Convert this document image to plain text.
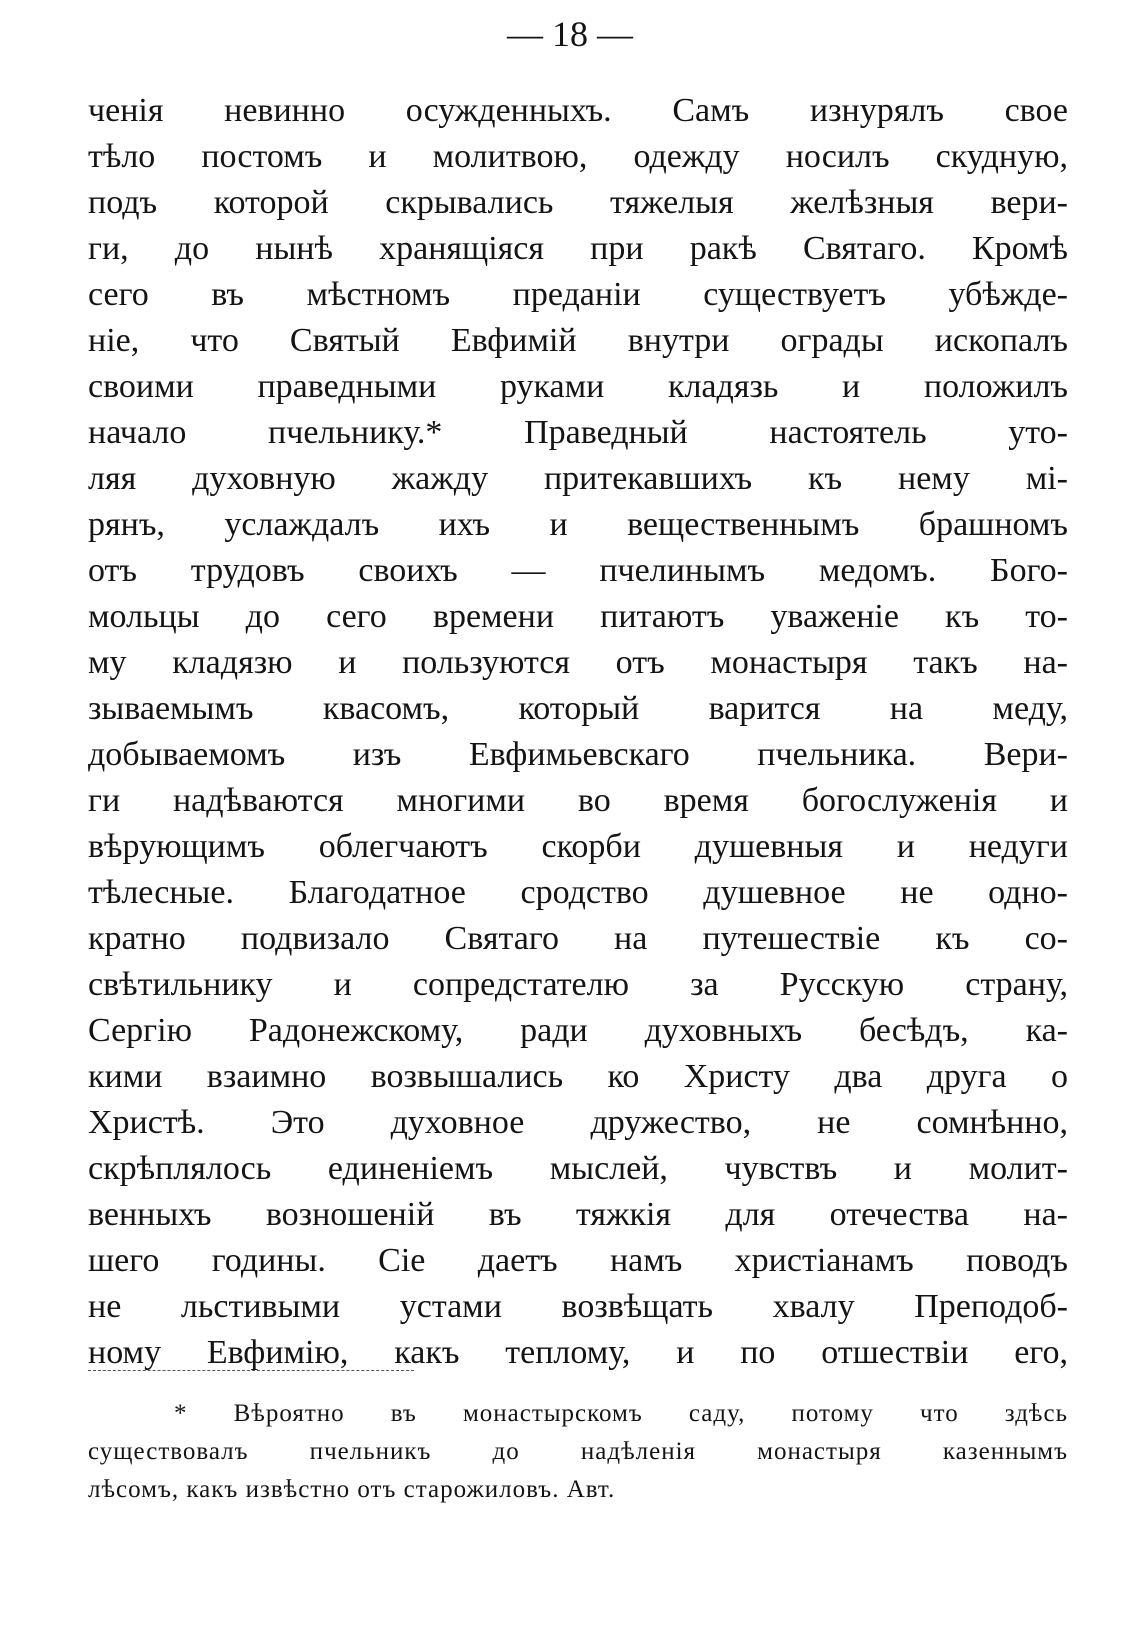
— 18 —
ченія невинно осужденныхъ. Самъ изнурялъ свое
тѣло постомъ и молитвою, одежду носилъ скудную,
подъ которой скрывались тяжелыя желѣзныя вери-
ги, до нынѣ хранящіяся при ракѣ Святаго. Кромѣ
сего въ мѣстномъ преданіи существуетъ убѣжде-
ніе, что Святый Евфимій внутри ограды ископалъ
своими праведными руками кладязь и положилъ
начало пчельнику.* Праведный настоятель уто-
ляя духовную жажду притекавшихъ къ нему мі-
рянъ, услаждалъ ихъ и вещественнымъ брашномъ
отъ трудовъ своихъ — пчелинымъ медомъ. Бого-
мольцы до сего времени питаютъ уваженіе къ то-
му кладязю и пользуются отъ монастыря такъ на-
зываемымъ квасомъ, который варится на меду,
добываемомъ изъ Евфимьевскаго пчельника. Вери-
ги надѣваются многими во время богослуженія и
вѣрующимъ облегчаютъ скорби душевныя и недуги
тѣлесные. Благодатное сродство душевное не одно-
кратно подвизало Святаго на путешествіе къ со-
свѣтильнику и сопредстателю за Русскую страну,
Сергію Радонежскому, ради духовныхъ бесѣдъ, ка-
кими взаимно возвышались ко Христу два друга о
Христѣ. Это духовное дружество, не сомнѣнно,
скрѣплялось единеніемъ мыслей, чувствъ и молит-
венныхъ возношеній въ тяжкія для отечества на-
шего годины. Сіе даетъ намъ христіанамъ поводъ
не льстивыми устами возвѣщать хвалу Преподоб-
ному Евфимію, какъ теплому, и по отшествіи его,
* Вѣроятно въ монастырскомъ саду, потому что здѣсь
существовалъ пчельникъ до надѣленія монастыря казеннымъ
лѣсомъ, какъ извѣстно отъ старожиловъ. Авт.
